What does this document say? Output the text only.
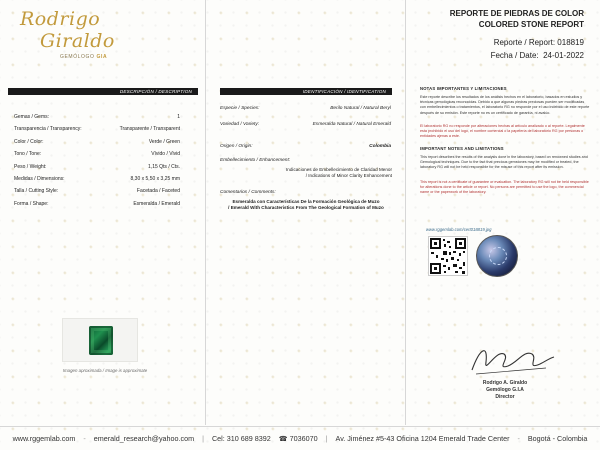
Rodrigo
Giraldo
GEMÓLOGO GIA
DESCRIPCIÓN / DESCRIPTION
Gemas / Gems:	1
Transparencia / Transparency:	Transparente / Transparent
Color / Color:	Verde / Green
Tono / Tone:	Vívido / Vivid
Peso / Weight:	1,15 Qts / Cts.
Medidas / Dimensions:	8,30 x 5,50 x 3,25 mm
Talla / Cutting Style:	Facetada / Faceted
Forma / Shape:	Esmeralda / Emerald
Imagen aproximada / Image is approximate
IDENTIFICACIÓN / IDENTIFICATION
Especie / Species:	Berilo Natural / Natural Beryl
Variedad / Variety:	Esmeralda Natural / Natural Emerald
Origen / Origin:	Colombia
Embellecimiento / Enhancement:
Indicaciones de Embellecimiento de Claridad Menor
/ Indications of Minor Clarity Enhancement
Comentarios / Comments:
Esmeralda con Características De la Formación Geológica de Muzo
/ Emerald With Characteristics From The Geological Formation of Muzo
REPORTE DE PIEDRAS DE COLOR
COLORED STONE REPORT
Reporte / Report: 018819
Fecha / Date: 24-01-2022
NOTAS IMPORTANTES Y LIMITACIONES
Este reporte describe los resultados de los análisis hechos en el laboratorio, basados en estudios y técnicas gemológicas reconocidas. Debido a que algunas piedras preciosas pueden ser modificadas con embellecimientos o tratamientos, el laboratorio RG no responde por el uso indebido de este reporte después de su emisión. Este reporte no es un certificado de garantía, ni avalúo.
El laboratorio RG no responde por alteraciones hechas al artículo analizado o al reporte. Legalmente esta prohibido el uso del logo, el nombre comercial o la papelería del laboratorio RG por personas o entidades ajenas a este.
IMPORTANT NOTES AND LIMITATIONS
This report describes the results of the analysis done in the laboratory, based on renowned studies and Gemological techniques. Due to the fact that precious gemstones may be modified or treated, the laboratory RG will not be held responsible for the misuse of this report after its emission.
This report is not a certificate of guarantee or evaluation. The laboratory RG will not be held responsible for alterations done to the article or report. No persons are permitted to use the logo, the commercial name or the paperwork of the laboratory.
www.rggemlab.com/cert018819.jpg
Rodrigo A. Giraldo
Gemólogo G.I.A
Director
www.rggemlab.com - emerald_research@yahoo.com | Cel: 310 689 8392 ☎ 7036070 | Av. Jiménez #5-43 Oficina 1204 Emerald Trade Center - Bogotá - Colombia
